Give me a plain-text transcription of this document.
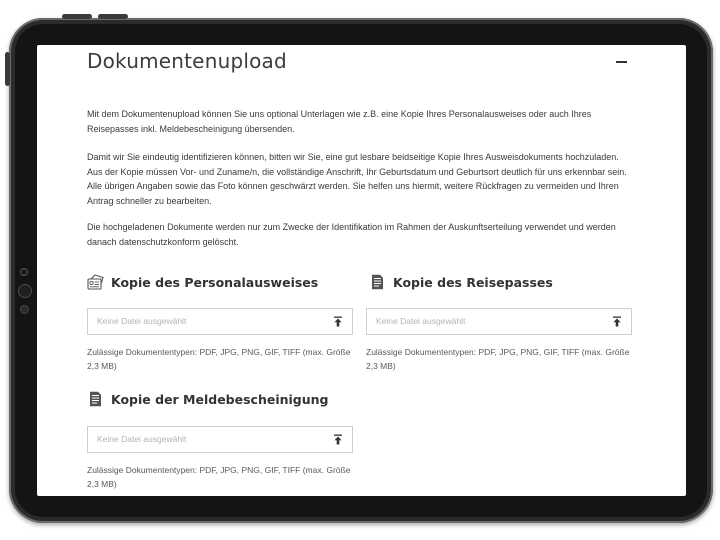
Dokumentenupload

Mit dem Dokumentenupload können Sie uns optional Unterlagen wie z.B. eine Kopie Ihres Personalausweises oder auch Ihres Reisepasses inkl. Meldebescheinigung übersenden.

Damit wir Sie eindeutig identifizieren können, bitten wir Sie, eine gut lesbare beidseitige Kopie Ihres Ausweisdokuments hochzuladen. Aus der Kopie müssen Vor- und Zuname/n, die vollständige Anschrift, Ihr Geburtsdatum und Geburtsort deutlich für uns erkennbar sein. Alle übrigen Angaben sowie das Foto können geschwärzt werden. Sie helfen uns hiermit, weitere Rückfragen zu vermeiden und Ihren Antrag schneller zu bearbeiten.

Die hochgeladenen Dokumente werden nur zum Zwecke der Identifikation im Rahmen der Auskunftserteilung verwendet und werden danach datenschutzkonform gelöscht.

Kopie des Personalausweises
Keine Datei ausgewählt

Zulässige Dokumententypen: PDF, JPG, PNG, GIF, TIFF (max. Größe 2,3 MB)

Kopie des Reisepasses
Keine Datei ausgewählt

Zulässige Dokumententypen: PDF, JPG, PNG, GIF, TIFF (max. Größe 2,3 MB)

Kopie der Meldebescheinigung
Keine Datei ausgewählt

Zulässige Dokumententypen: PDF, JPG, PNG, GIF, TIFF (max. Größe 2,3 MB)
